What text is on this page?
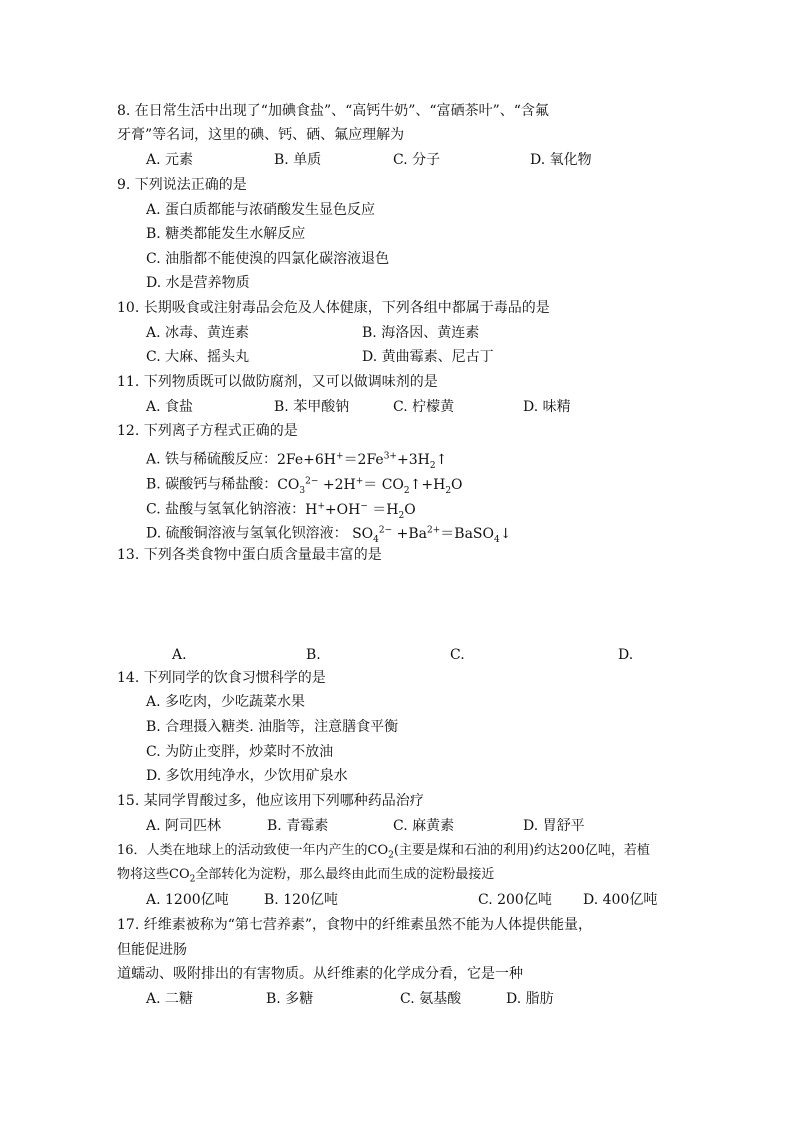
8. 在日常生活中出现了“加碘食盐”、“高钙牛奶”、“富硒茶叶”、“含氟
牙膏”等名词，这里的碘、钙、硒、氟应理解为
A. 元素	B. 单质	C. 分子	D. 氧化物
9. 下列说法正确的是
A. 蛋白质都能与浓硝酸发生显色反应
B. 糖类都能发生水解反应
C. 油脂都不能使溴的四氯化碳溶液退色
D. 水是营养物质
10. 长期吸食或注射毒品会危及人体健康，下列各组中都属于毒品的是
A. 冰毒、黄连素	B. 海洛因、黄连素
C. 大麻、摇头丸	D. 黄曲霉素、尼古丁
11. 下列物质既可以做防腐剂，又可以做调味剂的是
A. 食盐	B. 苯甲酸钠	C. 柠檬黄	D. 味精
12. 下列离子方程式正确的是
A. 铁与稀硫酸反应：$2Fe+6H^+=2Fe^{3+}+3H_2↑$
B. 碳酸钙与稀盐酸：$CO_3^{2-} +2H^+=$ $CO_2↑+H_2O$
C. 盐酸与氢氧化钠溶液：$H^++OH^- =H_2O$
D. 硫酸铜溶液与氢氧化钡溶液： $SO_4^{2-}$ $+Ba^{2+}=BaSO_4↓$
13. 下列各类食物中蛋白质含量最丰富的是
A.	B.	C.	D.
14. 下列同学的饮食习惯科学的是
A. 多吃肉，少吃蔬菜水果
B. 合理摄入糖类. 油脂等，注意膳食平衡
C. 为防止变胖，炒菜时不放油
D. 多饮用纯净水，少饮用矿泉水
15. 某同学胃酸过多，他应该用下列哪种药品治疗
A. 阿司匹林	B. 青霉素	C. 麻黄素	D. 胃舒平
16．人类在地球上的活动致使一年内产生的$CO_2$(主要是煤和石油的利用)约达200亿吨，若植
物将这些$CO_2$全部转化为淀粉，那么最终由此而生成的淀粉最接近
A. 1200亿吨	B. 120亿吨	C. 200亿吨 D. 400亿吨
17. 纤维素被称为“第七营养素”，食物中的纤维素虽然不能为人体提供能量，
但能促进肠
道蠕动、吸附排出的有害物质。从纤维素的化学成分看，它是一种
A. 二糖	B. 多糖	C. 氨基酸	D. 脂肪
